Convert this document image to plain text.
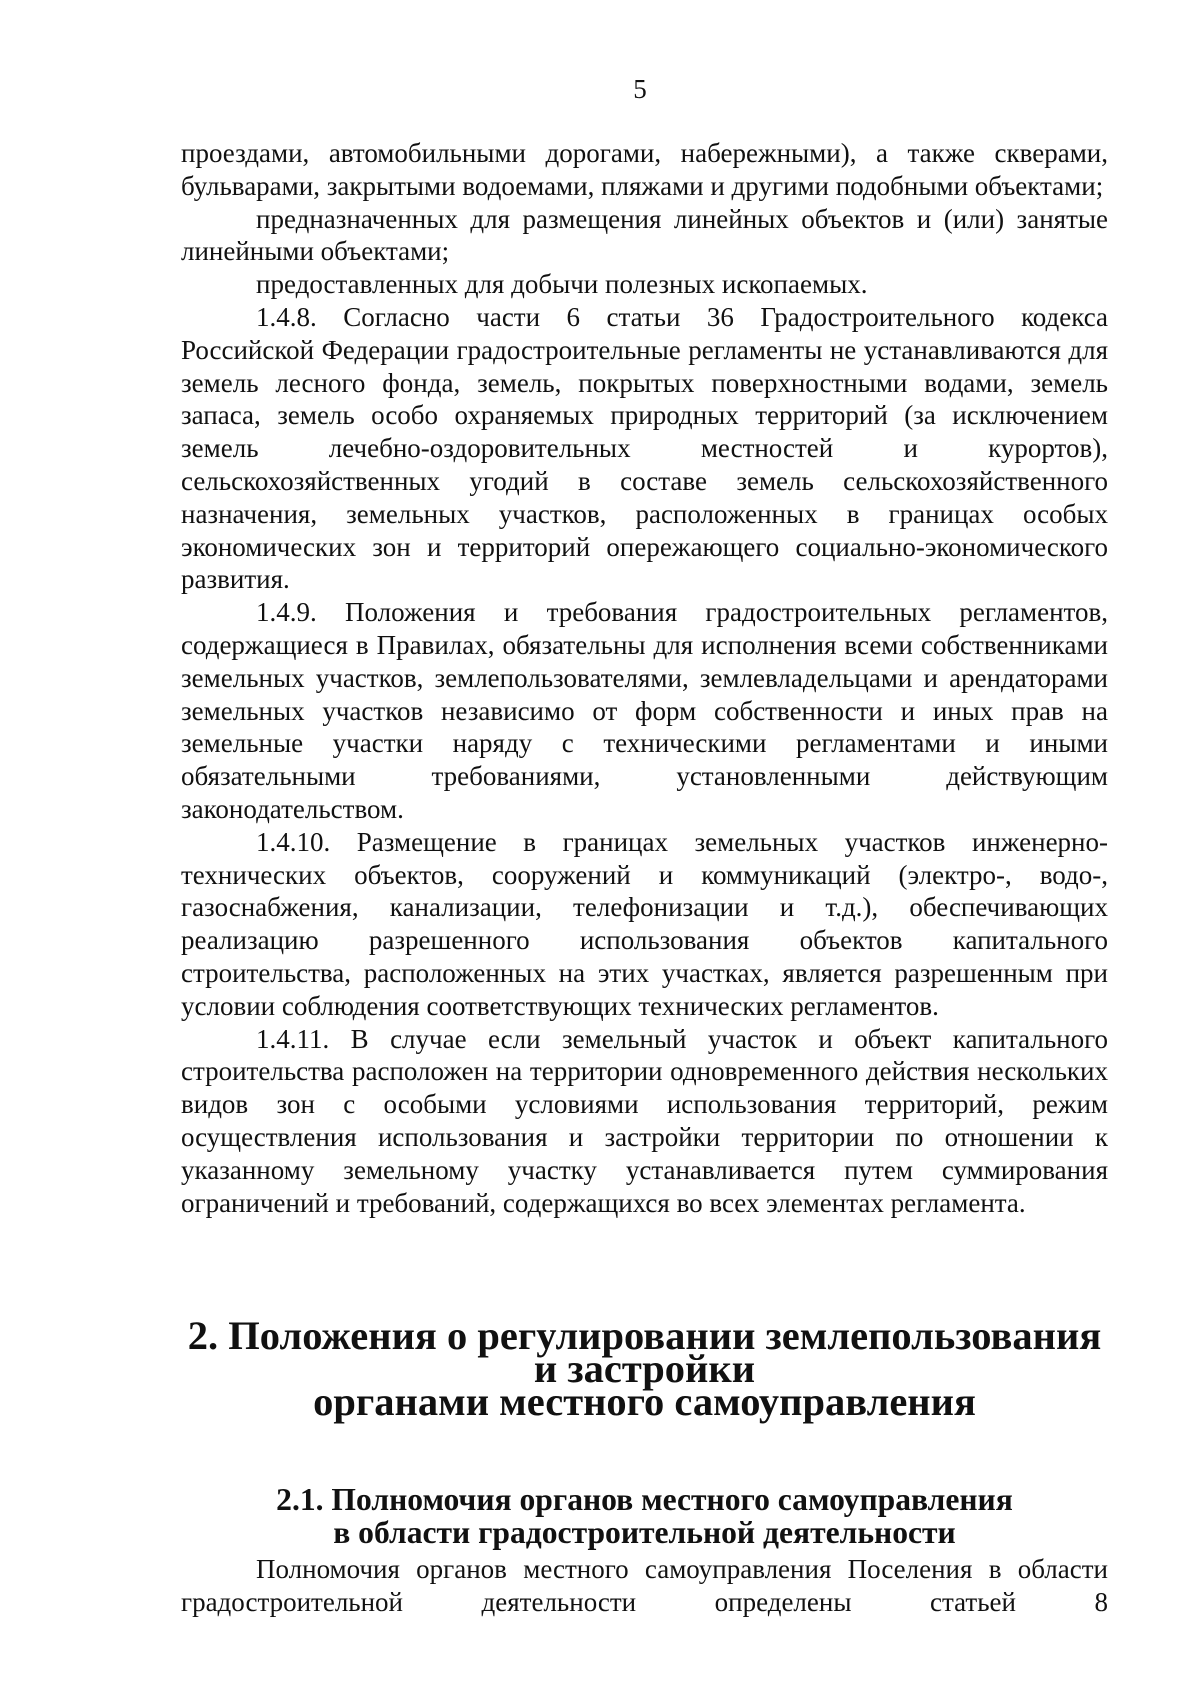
5

проездами, автомобильными дорогами, набережными), а также скверами, бульварами, закрытыми водоемами, пляжами и другими подобными объектами;

предназначенных для размещения линейных объектов и (или) занятые линейными объектами;

предоставленных для добычи полезных ископаемых.

1.4.8. Согласно части 6 статьи 36 Градостроительного кодекса Российской Федерации градостроительные регламенты не устанавливаются для земель лесного фонда, земель, покрытых поверхностными водами, земель запаса, земель особо охраняемых природных территорий (за исключением земель лечебно-оздоровительных местностей и курортов), сельскохозяйственных угодий в составе земель сельскохозяйственного назначения, земельных участков, расположенных в границах особых экономических зон и территорий опережающего социально-экономического развития.

1.4.9. Положения и требования градостроительных регламентов, содержащиеся в Правилах, обязательны для исполнения всеми собственниками земельных участков, землепользователями, землевладельцами и арендаторами земельных участков независимо от форм собственности и иных прав на земельные участки наряду с техническими регламентами и иными обязательными требованиями, установленными действующим законодательством.

1.4.10. Размещение в границах земельных участков инженерно-технических объектов, сооружений и коммуникаций (электро-, водо-, газоснабжения, канализации, телефонизации и т.д.), обеспечивающих реализацию разрешенного использования объектов капитального строительства, расположенных на этих участках, является разрешенным при условии соблюдения соответствующих технических регламентов.

1.4.11. В случае если земельный участок и объект капитального строительства расположен на территории одновременного действия нескольких видов зон с особыми условиями использования территорий, режим осуществления использования и застройки территории по отношении к указанному земельному участку устанавливается путем суммирования ограничений и требований, содержащихся во всех элементах регламента.

2. Положения о регулировании землепользования и застройки
органами местного самоуправления
2.1. Полномочия органов местного самоуправления
в области градостроительной деятельности

Полномочия органов местного самоуправления Поселения в области градостроительной деятельности определены статьей 8
